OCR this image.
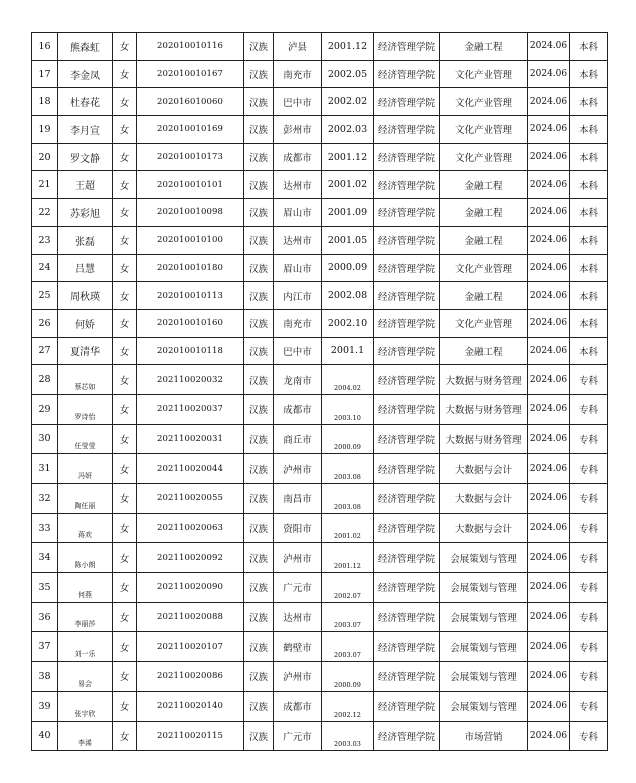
16	熊森虹	女	202010010116	汉族	泸县	2001.12	经济管理学院	金融工程	2024.06	本科
17	李金凤	女	202010010167	汉族	南充市	2002.05	经济管理学院	文化产业管理	2024.06	本科
18	杜春花	女	202016010060	汉族	巴中市	2002.02	经济管理学院	文化产业管理	2024.06	本科
19	李月宣	女	202010010169	汉族	彭州市	2002.03	经济管理学院	文化产业管理	2024.06	本科
20	罗文静	女	202010010173	汉族	成都市	2001.12	经济管理学院	文化产业管理	2024.06	本科
21	王超	女	202010010101	汉族	达州市	2001.02	经济管理学院	金融工程	2024.06	本科
22	苏彩旭	女	202010010098	汉族	眉山市	2001.09	经济管理学院	金融工程	2024.06	本科
23	张磊	女	202010010100	汉族	达州市	2001.05	经济管理学院	金融工程	2024.06	本科
24	吕慧	女	202010010180	汉族	眉山市	2000.09	经济管理学院	文化产业管理	2024.06	本科
25	周秋瑛	女	202010010113	汉族	内江市	2002.08	经济管理学院	金融工程	2024.06	本科
26	何娇	女	202010010160	汉族	南充市	2002.10	经济管理学院	文化产业管理	2024.06	本科
27	夏清华	女	202010010118	汉族	巴中市	2001.1	经济管理学院	金融工程	2024.06	本科
28	蔡芯如	女	202110020032	汉族	龙南市	2004.02	经济管理学院	大数据与财务管理	2024.06	专科
29	罗诗怡	女	202110020037	汉族	成都市	2003.10	经济管理学院	大数据与财务管理	2024.06	专科
30	任莹莹	女	202110020031	汉族	商丘市	2000.09	经济管理学院	大数据与财务管理	2024.06	专科
31	冯妍	女	202110020044	汉族	泸州市	2003.08	经济管理学院	大数据与会计	2024.06	专科
32	陶任丽	女	202110020055	汉族	南昌市	2003.08	经济管理学院	大数据与会计	2024.06	专科
33	蒋欢	女	202110020063	汉族	资阳市	2001.02	经济管理学院	大数据与会计	2024.06	专科
34	陈小朗	女	202110020092	汉族	泸州市	2001.12	经济管理学院	会展策划与管理	2024.06	专科
35	何燕	女	202110020090	汉族	广元市	2002.07	经济管理学院	会展策划与管理	2024.06	专科
36	李丽莎	女	202110020088	汉族	达州市	2003.07	经济管理学院	会展策划与管理	2024.06	专科
37	刘一乐	女	202110020107	汉族	鹤壁市	2003.07	经济管理学院	会展策划与管理	2024.06	专科
38	易会	女	202110020086	汉族	泸州市	2000.09	经济管理学院	会展策划与管理	2024.06	专科
39	张宇欣	女	202110020140	汉族	成都市	2002.12	经济管理学院	会展策划与管理	2024.06	专科
40	李浠	女	202110020115	汉族	广元市	2003.03	经济管理学院	市场营销	2024.06	专科
